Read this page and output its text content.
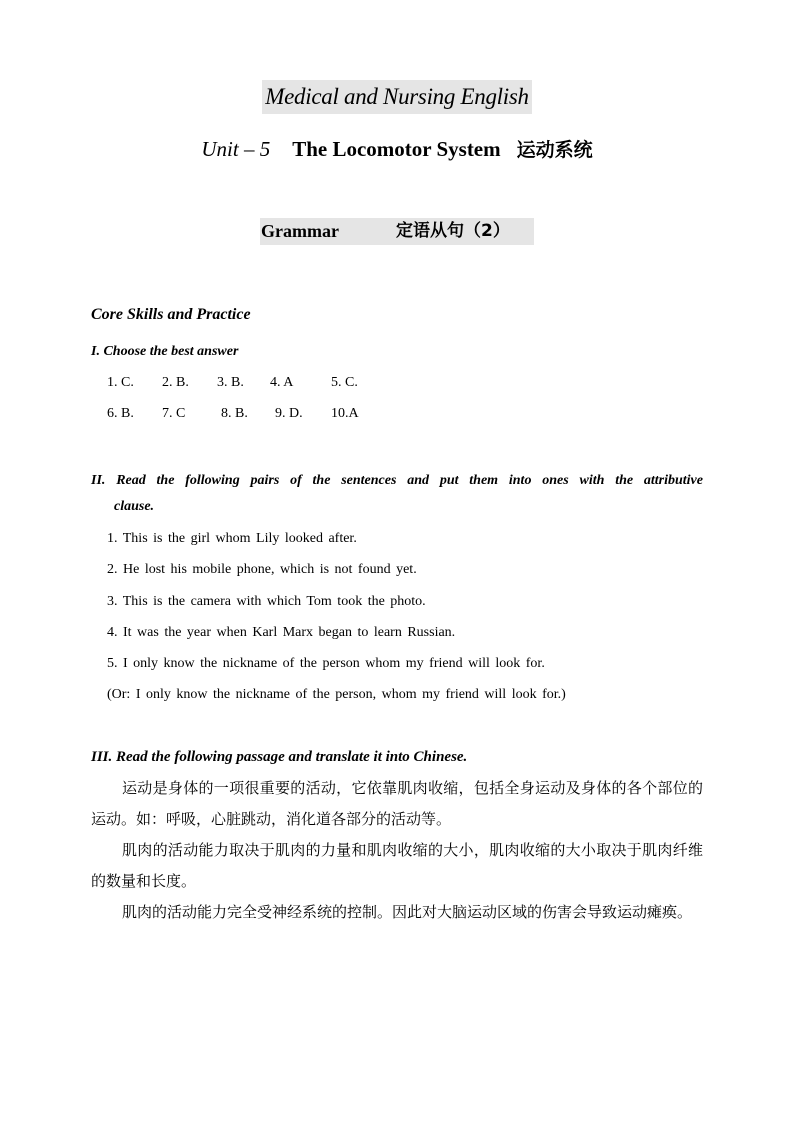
Medical and Nursing English
Unit – 5 The Locomotor System 运动系统
Grammar	定语从句（2）
Core Skills and Practice
I. Choose the best answer
1. C. 2. B. 3. B. 4. A	5. C.
6. B. 7. C	8. B. 9. D. 10.A
II. Read the following pairs of the sentences and put them into ones with the attributive
clause.
1. This is the girl whom Lily looked after.
2. He lost his mobile phone, which is not found yet.
3. This is the camera with which Tom took the photo.
4. It was the year when Karl Marx began to learn Russian.
5. I only know the nickname of the person whom my friend will look for.
(Or: I only know the nickname of the person, whom my friend will look for.)
III. Read the following passage and translate it into Chinese.
运动是身体的一项很重要的活动，它依靠肌肉收缩，包括全身运动及身体的各个部位的运动。如：呼吸，心脏跳动，消化道各部分的活动等。
肌肉的活动能力取决于肌肉的力量和肌肉收缩的大小，肌肉收缩的大小取决于肌肉纤维的数量和长度。
肌肉的活动能力完全受神经系统的控制。因此对大脑运动区域的伤害会导致运动瘫痪。
